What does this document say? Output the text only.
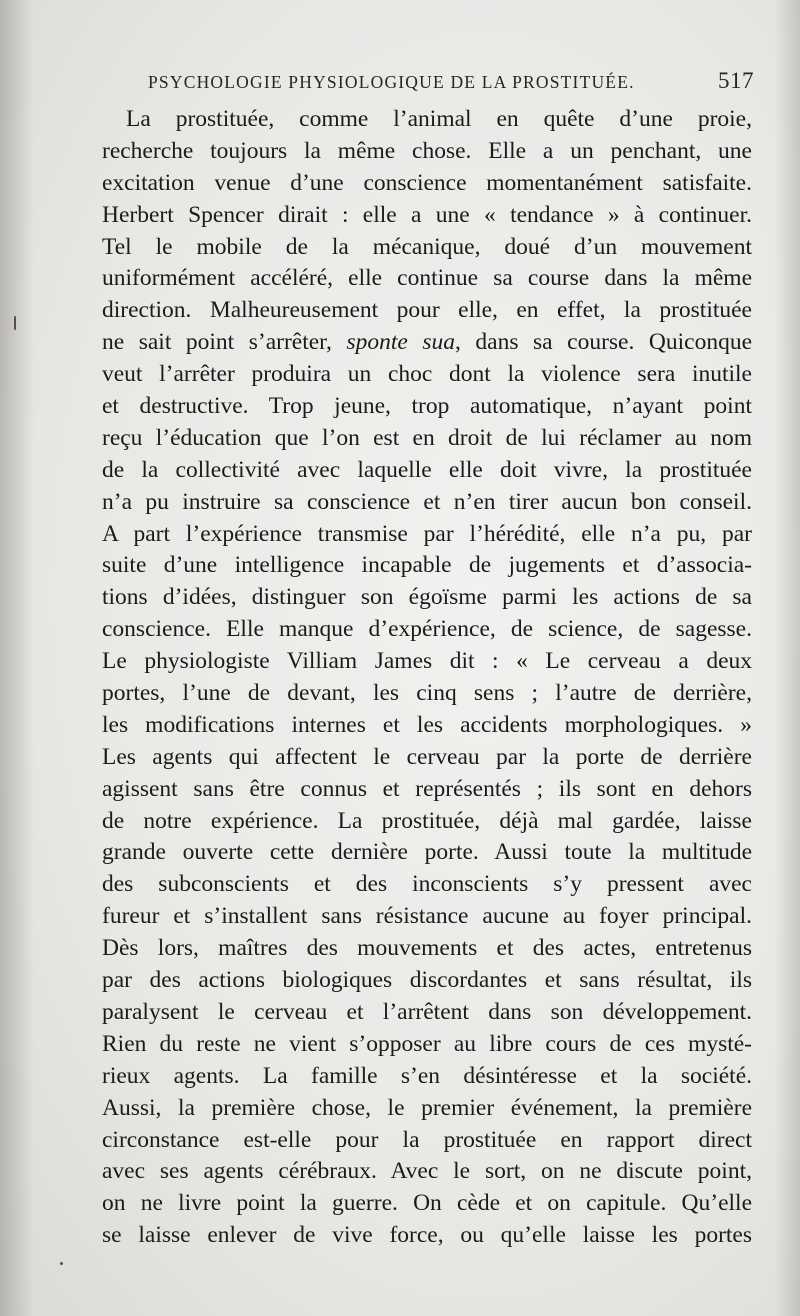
PSYCHOLOGIE PHYSIOLOGIQUE DE LA PROSTITUÉE.	517
La prostituée, comme l’animal en quête d’une proie,
recherche toujours la même chose. Elle a un penchant, une
excitation venue d’une conscience momentanément satisfaite.
Herbert Spencer dirait : elle a une « tendance » à continuer.
Tel le mobile de la mécanique, doué d’un mouvement
uniformément accéléré, elle continue sa course dans la même
direction. Malheureusement pour elle, en effet, la prostituée
ne sait point s’arrêter, sponte sua, dans sa course. Quiconque
veut l’arrêter produira un choc dont la violence sera inutile
et destructive. Trop jeune, trop automatique, n’ayant point
reçu l’éducation que l’on est en droit de lui réclamer au nom
de la collectivité avec laquelle elle doit vivre, la prostituée
n’a pu instruire sa conscience et n’en tirer aucun bon conseil.
A part l’expérience transmise par l’hérédité, elle n’a pu, par
suite d’une intelligence incapable de jugements et d’associa-
tions d’idées, distinguer son égoïsme parmi les actions de sa
conscience. Elle manque d’expérience, de science, de sagesse.
Le physiologiste Villiam James dit : « Le cerveau a deux
portes, l’une de devant, les cinq sens ; l’autre de derrière,
les modifications internes et les accidents morphologiques. »
Les agents qui affectent le cerveau par la porte de derrière
agissent sans être connus et représentés ; ils sont en dehors
de notre expérience. La prostituée, déjà mal gardée, laisse
grande ouverte cette dernière porte. Aussi toute la multitude
des subconscients et des inconscients s’y pressent avec
fureur et s’installent sans résistance aucune au foyer principal.
Dès lors, maîtres des mouvements et des actes, entretenus
par des actions biologiques discordantes et sans résultat, ils
paralysent le cerveau et l’arrêtent dans son développement.
Rien du reste ne vient s’opposer au libre cours de ces mysté-
rieux agents. La famille s’en désintéresse et la société.
Aussi, la première chose, le premier événement, la première
circonstance est-elle pour la prostituée en rapport direct
avec ses agents cérébraux. Avec le sort, on ne discute point,
on ne livre point la guerre. On cède et on capitule. Qu’elle
se laisse enlever de vive force, ou qu’elle laisse les portes
